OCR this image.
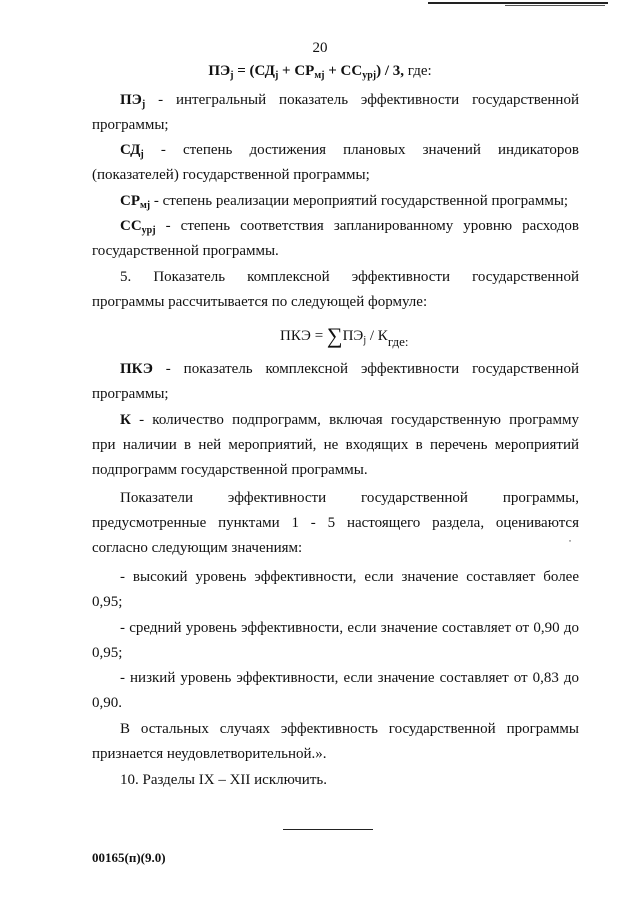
20
$ПЭ_j = (СД_j + СР_{мj} + СС_{урj}) / 3$, где:
$ПЭ_j$ - интегральный показатель эффективности государственной программы;
$СД_j$ - степень достижения плановых значений индикаторов (показателей) государственной программы;
$СР_{мj}$ - степень реализации мероприятий государственной программы;
$СС_{урj}$ - степень соответствия запланированному уровню расходов государственной программы.
5. Показатель комплексной эффективности государственной программы рассчитывается по следующей формуле:
ПКЭ = $\sum ПЭ_j / К_{где:}$
ПКЭ - показатель комплексной эффективности государственной программы;
К - количество подпрограмм, включая государственную программу при наличии в ней мероприятий, не входящих в перечень мероприятий подпрограмм государственной программы.
Показатели эффективности государственной программы, предусмотренные пунктами 1 - 5 настоящего раздела, оцениваются согласно следующим значениям:	˙
- высокий уровень эффективности, если значение составляет более 0,95;
- средний уровень эффективности, если значение составляет от 0,90 до 0,95;
- низкий уровень эффективности, если значение составляет от 0,83 до 0,90.
В остальных случаях эффективность государственной программы признается неудовлетворительной.».
10. Разделы IX – XII исключить.
00165(п)(9.0)
